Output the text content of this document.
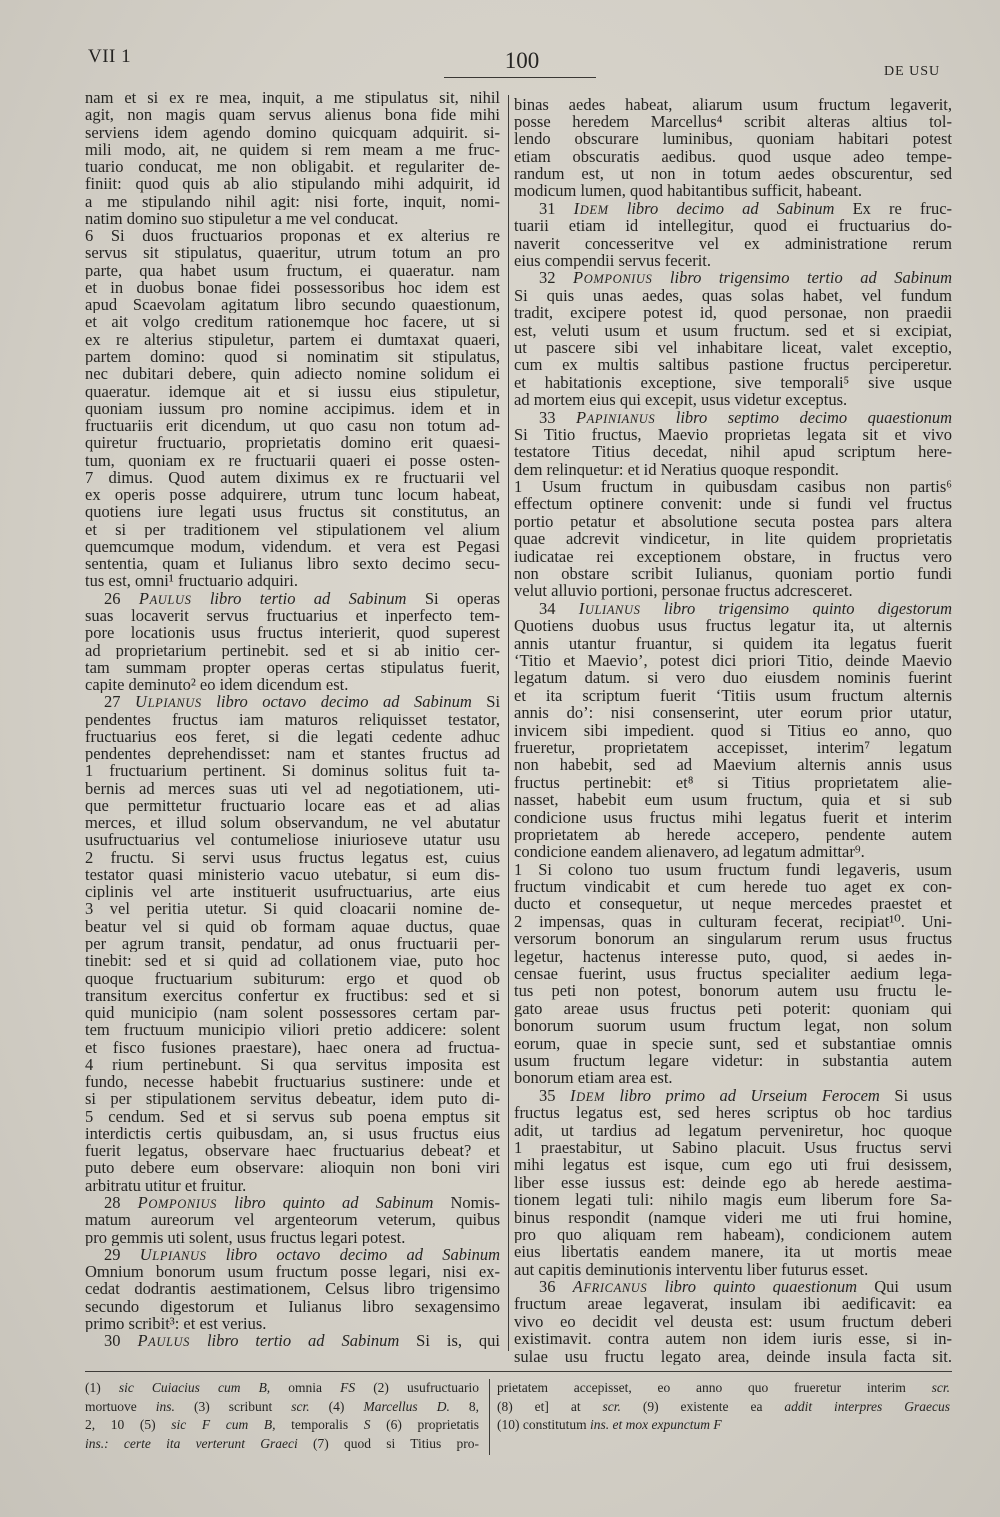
VII 1	100	DE USU
nam et si ex re mea, inquit, a me stipulatus sit, nihil
agit, non magis quam servus alienus bona fide mihi
serviens idem agendo domino quicquam adquirit. si-
mili modo, ait, ne quidem si rem meam a me fruc-
tuario conducat, me non obligabit. et regulariter de-
finiit: quod quis ab alio stipulando mihi adquirit, id
a me stipulando nihil agit: nisi forte, inquit, nomi-
natim domino suo stipuletur a me vel conducat.
6 Si duos fructuarios proponas et ex alterius re
servus sit stipulatus, quaeritur, utrum totum an pro
parte, qua habet usum fructum, ei quaeratur. nam
et in duobus bonae fidei possessoribus hoc idem est
apud Scaevolam agitatum libro secundo quaestionum,
et ait volgo creditum rationemque hoc facere, ut si
ex re alterius stipuletur, partem ei dumtaxat quaeri,
partem domino: quod si nominatim sit stipulatus,
nec dubitari debere, quin adiecto nomine solidum ei
quaeratur. idemque ait et si iussu eius stipuletur,
quoniam iussum pro nomine accipimus. idem et in
fructuariis erit dicendum, ut quo casu non totum ad-
quiretur fructuario, proprietatis domino erit quaesi-
tum, quoniam ex re fructuarii quaeri ei posse osten-
7 dimus. Quod autem diximus ex re fructuarii vel
ex operis posse adquirere, utrum tunc locum habeat,
quotiens iure legati usus fructus sit constitutus, an
et si per traditionem vel stipulationem vel alium
quemcumque modum, videndum. et vera est Pegasi
sententia, quam et Iulianus libro sexto decimo secu-
tus est, omni¹ fructuario adquiri.
26 PAULUS libro tertio ad Sabinum Si operas
suas locaverit servus fructuarius et inperfecto tem-
pore locationis usus fructus interierit, quod superest
ad proprietarium pertinebit. sed et si ab initio cer-
tam summam propter operas certas stipulatus fuerit,
capite deminuto² eo idem dicendum est.
27 ULPIANUS libro octavo decimo ad Sabinum Si
pendentes fructus iam maturos reliquisset testator,
fructuarius eos feret, si die legati cedente adhuc
pendentes deprehendisset: nam et stantes fructus ad
1 fructuarium pertinent. Si dominus solitus fuit ta-
bernis ad merces suas uti vel ad negotiationem, uti-
que permittetur fructuario locare eas et ad alias
merces, et illud solum observandum, ne vel abutatur
usufructuarius vel contumeliose iniurioseve utatur usu
2 fructu. Si servi usus fructus legatus est, cuius
testator quasi ministerio vacuo utebatur, si eum dis-
ciplinis vel arte instituerit usufructuarius, arte eius
3 vel peritia utetur. Si quid cloacarii nomine de-
beatur vel si quid ob formam aquae ductus, quae
per agrum transit, pendatur, ad onus fructuarii per-
tinebit: sed et si quid ad collationem viae, puto hoc
quoque fructuarium subiturum: ergo et quod ob
transitum exercitus confertur ex fructibus: sed et si
quid municipio (nam solent possessores certam par-
tem fructuum municipio viliori pretio addicere: solent
et fisco fusiones praestare), haec onera ad fructua-
4 rium pertinebunt. Si qua servitus imposita est
fundo, necesse habebit fructuarius sustinere: unde et
si per stipulationem servitus debeatur, idem puto di-
5 cendum. Sed et si servus sub poena emptus sit
interdictis certis quibusdam, an, si usus fructus eius
fuerit legatus, observare haec fructuarius debeat? et
puto debere eum observare: alioquin non boni viri
arbitratu utitur et fruitur.
28 POMPONIUS libro quinto ad Sabinum Nomis-
matum aureorum vel argenteorum veterum, quibus
pro gemmis uti solent, usus fructus legari potest.
29 ULPIANUS libro octavo decimo ad Sabinum
Omnium bonorum usum fructum posse legari, nisi ex-
cedat dodrantis aestimationem, Celsus libro trigensimo
secundo digestorum et Iulianus libro sexagensimo
primo scribit³: et est verius.
30 PAULUS libro tertio ad Sabinum Si is, qui
binas aedes habeat, aliarum usum fructum legaverit,
posse heredem Marcellus⁴ scribit alteras altius tol-
lendo obscurare luminibus, quoniam habitari potest
etiam obscuratis aedibus. quod usque adeo tempe-
randum est, ut non in totum aedes obscurentur, sed
modicum lumen, quod habitantibus sufficit, habeant.
31 IDEM libro decimo ad Sabinum Ex re fruc-
tuarii etiam id intellegitur, quod ei fructuarius do-
naverit concesseritve vel ex administratione rerum
eius compendii servus fecerit.
32 POMPONIUS libro trigensimo tertio ad Sabinum
Si quis unas aedes, quas solas habet, vel fundum
tradit, excipere potest id, quod personae, non praedii
est, veluti usum et usum fructum. sed et si excipiat,
ut pascere sibi vel inhabitare liceat, valet exceptio,
cum ex multis saltibus pastione fructus perciperetur.
et habitationis exceptione, sive temporali⁵ sive usque
ad mortem eius qui excepit, usus videtur exceptus.
33 PAPINIANUS libro septimo decimo quaestionum
Si Titio fructus, Maevio proprietas legata sit et vivo
testatore Titius decedat, nihil apud scriptum here-
dem relinquetur: et id Neratius quoque respondit.
1 Usum fructum in quibusdam casibus non partis⁶
effectum optinere convenit: unde si fundi vel fructus
portio petatur et absolutione secuta postea pars altera
quae adcrevit vindicetur, in lite quidem proprietatis
iudicatae rei exceptionem obstare, in fructus vero
non obstare scribit Iulianus, quoniam portio fundi
velut alluvio portioni, personae fructus adcresceret.
34 IULIANUS libro trigensimo quinto digestorum
Quotiens duobus usus fructus legatur ita, ut alternis
annis utantur fruantur, si quidem ita legatus fuerit
‘Titio et Maevio’, potest dici priori Titio, deinde Maevio
legatum datum. si vero duo eiusdem nominis fuerint
et ita scriptum fuerit ‘Titiis usum fructum alternis
annis do’: nisi consenserint, uter eorum prior utatur,
invicem sibi impedient. quod si Titius eo anno, quo
frueretur, proprietatem accepisset, interim⁷ legatum
non habebit, sed ad Maevium alternis annis usus
fructus pertinebit: et⁸ si Titius proprietatem alie-
nasset, habebit eum usum fructum, quia et si sub
condicione usus fructus mihi legatus fuerit et interim
proprietatem ab herede accepero, pendente autem
condicione eandem alienavero, ad legatum admittar⁹.
1 Si colono tuo usum fructum fundi legaveris, usum
fructum vindicabit et cum herede tuo aget ex con-
ducto et consequetur, ut neque mercedes praestet et
2 impensas, quas in culturam fecerat, recipiat¹⁰. Uni-
versorum bonorum an singularum rerum usus fructus
legetur, hactenus interesse puto, quod, si aedes in-
censae fuerint, usus fructus specialiter aedium lega-
tus peti non potest, bonorum autem usu fructu le-
gato areae usus fructus peti poterit: quoniam qui
bonorum suorum usum fructum legat, non solum
eorum, quae in specie sunt, sed et substantiae omnis
usum fructum legare videtur: in substantia autem
bonorum etiam area est.
35 IDEM libro primo ad Urseium Ferocem Si usus
fructus legatus est, sed heres scriptus ob hoc tardius
adit, ut tardius ad legatum perveniretur, hoc quoque
1 praestabitur, ut Sabino placuit. Usus fructus servi
mihi legatus est isque, cum ego uti frui desissem,
liber esse iussus est: deinde ego ab herede aestima-
tionem legati tuli: nihilo magis eum liberum fore Sa-
binus respondit (namque videri me uti frui homine,
pro quo aliquam rem habeam), condicionem autem
eius libertatis eandem manere, ita ut mortis meae
aut capitis deminutionis interventu liber futurus esset.
36 AFRICANUS libro quinto quaestionum Qui usum
fructum areae legaverat, insulam ibi aedificavit: ea
vivo eo decidit vel deusta est: usum fructum deberi
existimavit. contra autem non idem iuris esse, si in-
sulae usu fructu legato area, deinde insula facta sit.
(1) sic Cuiacius cum B, omnia FS (2) usufructuario
mortuove ins. (3) scribunt scr. (4) Marcellus D. 8,
2, 10 (5) sic F cum B, temporalis S (6) proprietatis
ins.: certe ita verterunt Graeci (7) quod si Titius pro-
prietatem accepisset, eo anno quo frueretur interim scr.
(8) et] at scr. (9) existente ea addit interpres Graecus
(10) constitutum ins. et mox expunctum F
